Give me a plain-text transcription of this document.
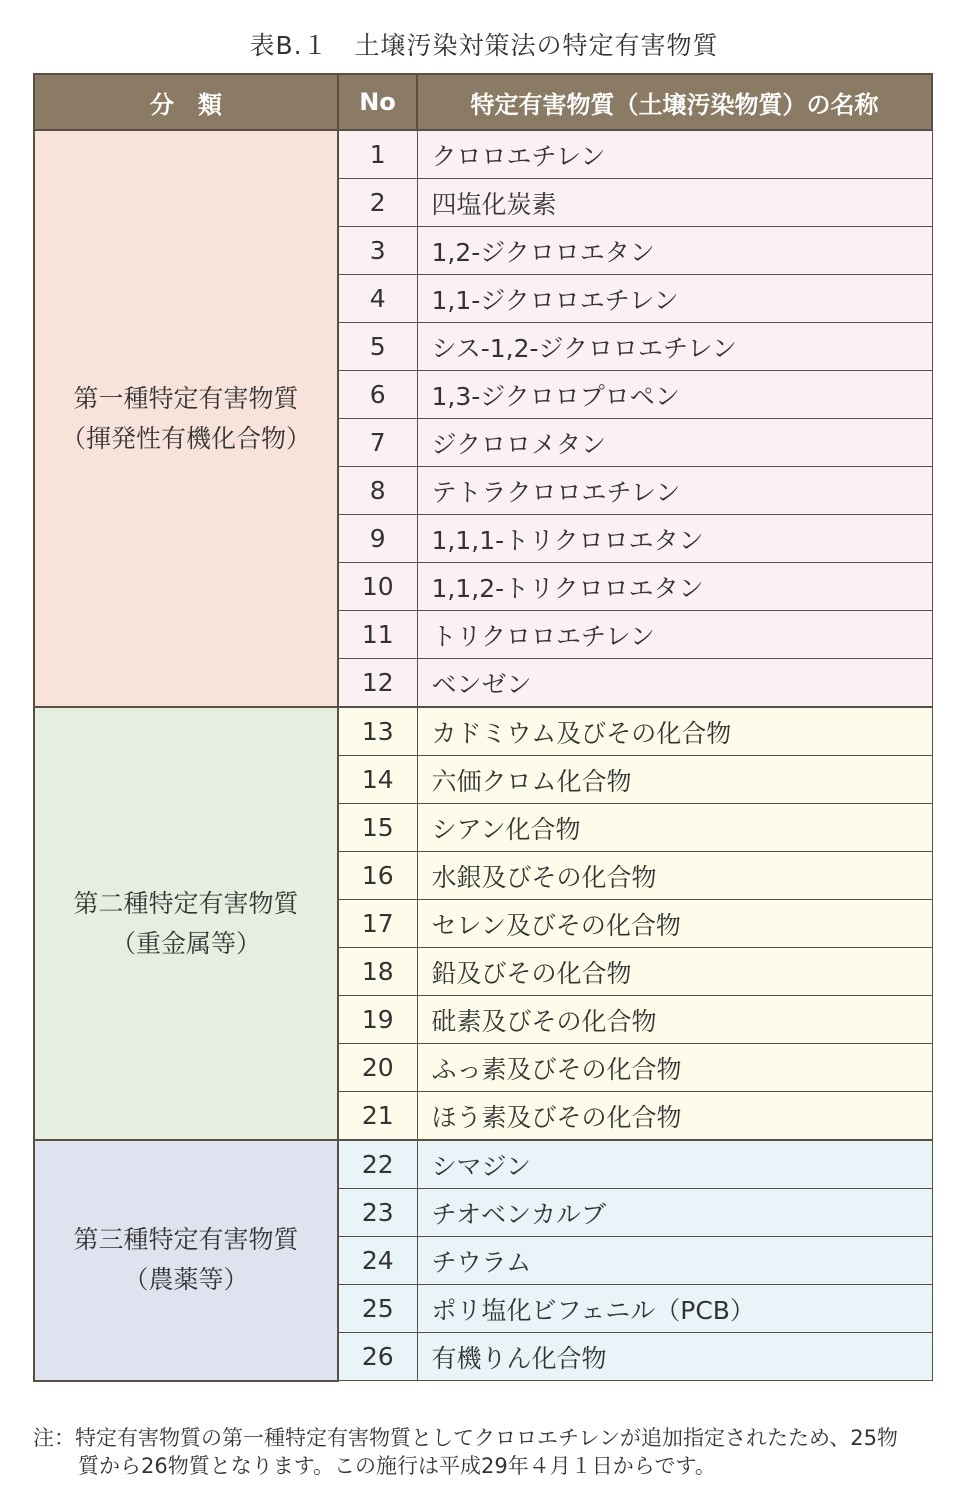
表B.１　土壌汚染対策法の特定有害物質
分　類	No	特定有害物質（土壌汚染物質）の名称
第一種特定有害物質
（揮発性有機化合物）	1	クロロエチレン
	2	四塩化炭素
	3	1,2-ジクロロエタン
	4	1,1-ジクロロエチレン
	5	シス-1,2-ジクロロエチレン
	6	1,3-ジクロロプロペン
	7	ジクロロメタン
	8	テトラクロロエチレン
	9	1,1,1-トリクロロエタン
	10	1,1,2-トリクロロエタン
	11	トリクロロエチレン
	12	ベンゼン
第二種特定有害物質
（重金属等）	13	カドミウム及びその化合物
	14	六価クロム化合物
	15	シアン化合物
	16	水銀及びその化合物
	17	セレン及びその化合物
	18	鉛及びその化合物
	19	砒素及びその化合物
	20	ふっ素及びその化合物
	21	ほう素及びその化合物
第三種特定有害物質
（農薬等）	22	シマジン
	23	チオベンカルブ
	24	チウラム
	25	ポリ塩化ビフェニル（PCB）
	26	有機りん化合物
注：特定有害物質の第一種特定有害物質としてクロロエチレンが追加指定されたため、25物
質から26物質となります。この施行は平成29年４月１日からです。
